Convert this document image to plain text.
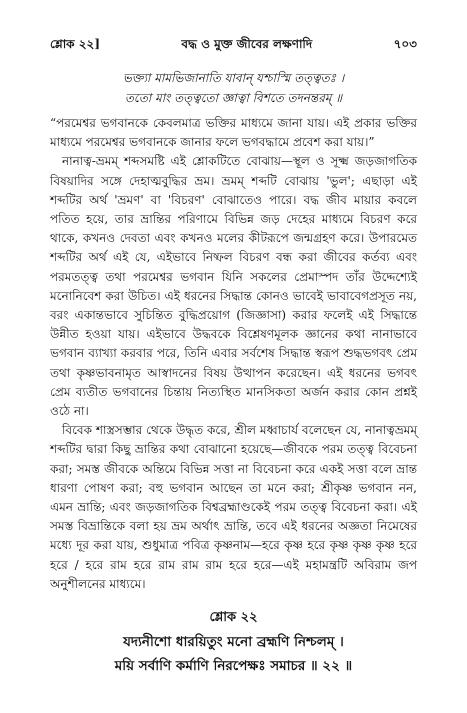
শ্লোক ২২]	বদ্ধ ও মুক্ত জীবের লক্ষণাদি	৭০৩
ভক্ত্যা মামভিজানাতি যাবান্‌ যশ্চাস্মি তত্ত্বতঃ ।
ততো মাং তত্ত্বতো জ্ঞাত্বা বিশতে তদনন্তরম্‌ ॥

“পরমেশ্বর ভগবানকে কেবলমাত্র ভক্তির মাধ্যমে জানা যায়। এই প্রকার ভক্তির মাধ্যমে পরমেশ্বর ভগবানকে জানার ফলে ভগবদ্ধামে প্রবেশ করা যায়।”

নানাত্ব-ভ্রমম্‌ শব্দসমষ্টি এই শ্লোকটিতে বোঝায়—স্থূল ও সূক্ষ্ম জড়জাগতিক বিষয়াদির সঙ্গে দেহাত্মবুদ্ধির ভ্রম। ভ্রমম্‌ শব্দটি বোঝায় 'ভুল'; এছাড়া এই শব্দটির অর্থ 'ভ্রমণ' বা 'বিচরণ' বোঝাতেও পারে। বদ্ধ জীব মায়ার কবলে পতিত হয়ে, তার ভ্রান্তির পরিণামে বিভিন্ন জড় দেহের মাধ্যমে বিচরণ করে থাকে, কখনও দেবতা এবং কখনও মলের কীটরূপে জন্মগ্রহণ করে। উপারমেত শব্দটির অর্থ এই যে, এইভাবে নিষ্ফল বিচরণ বন্ধ করা জীবের কর্তব্য এবং পরমতত্ত্ব তথা পরমেশ্বর ভগবান যিনি সকলের প্রেমাস্পদ তাঁর উদ্দেশ্যেই মনোনিবেশ করা উচিত। এই ধরনের সিদ্ধান্ত কোনও ভাবেই ভাবাবেগপ্রসূত নয়, বরং একান্তভাবে সুচিন্তিত বুদ্ধিপ্রয়োগ (জিজ্ঞাসা) করার ফলেই এই সিদ্ধান্তে উন্নীত হওয়া যায়। এইভাবে উদ্ধবকে বিশ্লেষণমূলক জ্ঞানের কথা নানাভাবে ভগবান ব্যাখ্যা করবার পরে, তিনি এবার সর্বশেষ সিদ্ধান্ত স্বরূপ শুদ্ধভগবৎ প্রেম তথা কৃষ্ণভাবনামৃত আস্বাদনের বিষয় উত্থাপন করেছেন। এই ধরনের ভগবৎ প্রেম ব্যতীত ভগবানের চিন্তায় নিত্যস্থিত মানসিকতা অর্জন করার কোন প্রশ্নই ওঠে না।

বিবেক শাস্ত্রসম্ভার থেকে উদ্ধৃত করে, শ্রীল মধ্বাচার্য বলেছেন যে, নানাত্বভ্রমম্‌ শব্দটির দ্বারা কিছু ভ্রান্তির কথা বোঝানো হয়েছে—জীবকে পরম তত্ত্ব বিবেচনা করা; সমস্ত জীবকে অন্তিমে বিভিন্ন সত্তা না বিবেচনা করে একই সত্তা বলে ভ্রান্ত ধারণা পোষণ করা; বহু ভগবান আছেন তা মনে করা; শ্রীকৃষ্ণ ভগবান নন, এমন ভ্রান্তি; এবং জড়জাগতিক বিশ্বব্রহ্মাণ্ডকেই পরম তত্ত্ব বিবেচনা করা। এই সমস্ত বিভ্রান্তিকে বলা হয় ভ্রম অর্থাৎ ভ্রান্তি, তবে এই ধরনের অজ্ঞতা নিমেষের মধ্যে দূর করা যায়, শুধুমাত্র পবিত্র কৃষ্ণনাম—হরে কৃষ্ণ হরে কৃষ্ণ কৃষ্ণ কৃষ্ণ হরে হরে / হরে রাম হরে রাম রাম রাম হরে হরে—এই মহামন্ত্রটি অবিরাম জপ অনুশীলনের মাধ্যমে।

শ্লোক ২২
যদ্যনীশো ধারয়িতুং মনো ব্রহ্মণি নিশ্চলম্‌ ।
ময়ি সর্বাণি কর্মাণি নিরপেক্ষঃ সমাচর ॥ ২২ ॥
